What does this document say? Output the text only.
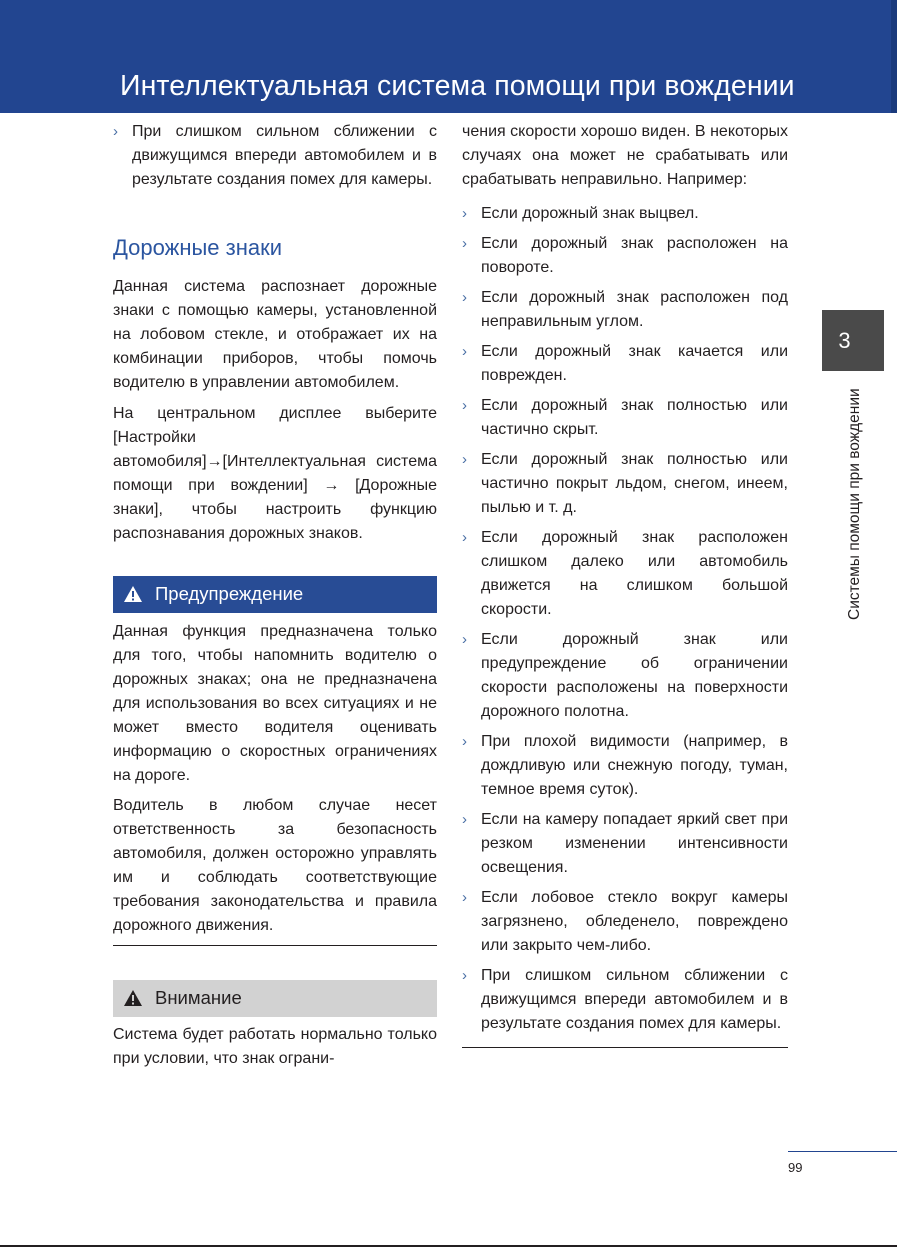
Интеллектуальная система помощи при вождении
› При слишком сильном сближении с движущимся впереди автомобилем и в результате создания помех для камеры.
Дорожные знаки

Данная система распознает дорожные знаки с помощью камеры, установленной на лобовом стекле, и отображает их на комбинации приборов, чтобы помочь водителю в управлении автомобилем.

На центральном дисплее выберите [Настройки автомобиля]→[Интеллектуальная система помощи при вождении] → [Дорожные знаки], чтобы настроить функцию распознавания дорожных знаков.

Предупреждение

Данная функция предназначена только для того, чтобы напомнить водителю о дорожных знаках; она не предназначена для использования во всех ситуациях и не может вместо водителя оценивать информацию о скоростных ограничениях на дороге.

Водитель в любом случае несет ответственность за безопасность автомобиля, должен осторожно управлять им и соблюдать соответствующие требования законодательства и правила дорожного движения.

Внимание

Система будет работать нормально только при условии, что знак ограни-

чения скорости хорошо виден. В некоторых случаях она может не срабатывать или срабатывать неправильно. Например:

› Если дорожный знак выцвел.
› Если дорожный знак расположен на повороте.
› Если дорожный знак расположен под неправильным углом.
› Если дорожный знак качается или поврежден.
› Если дорожный знак полностью или частично скрыт.
› Если дорожный знак полностью или частично покрыт льдом, снегом, инеем, пылью и т. д.
› Если дорожный знак расположен слишком далеко или автомобиль движется на слишком большой скорости.
› Если дорожный знак или предупреждение об ограничении скорости расположены на поверхности дорожного полотна.
› При плохой видимости (например, в дождливую или снежную погоду, туман, темное время суток).
› Если на камеру попадает яркий свет при резком изменении интенсивности освещения.
› Если лобовое стекло вокруг камеры загрязнено, обледенело, повреждено или закрыто чем-либо.
› При слишком сильном сближении с движущимся впереди автомобилем и в результате создания помех для камеры.
3
Системы помощи при вождении
99
